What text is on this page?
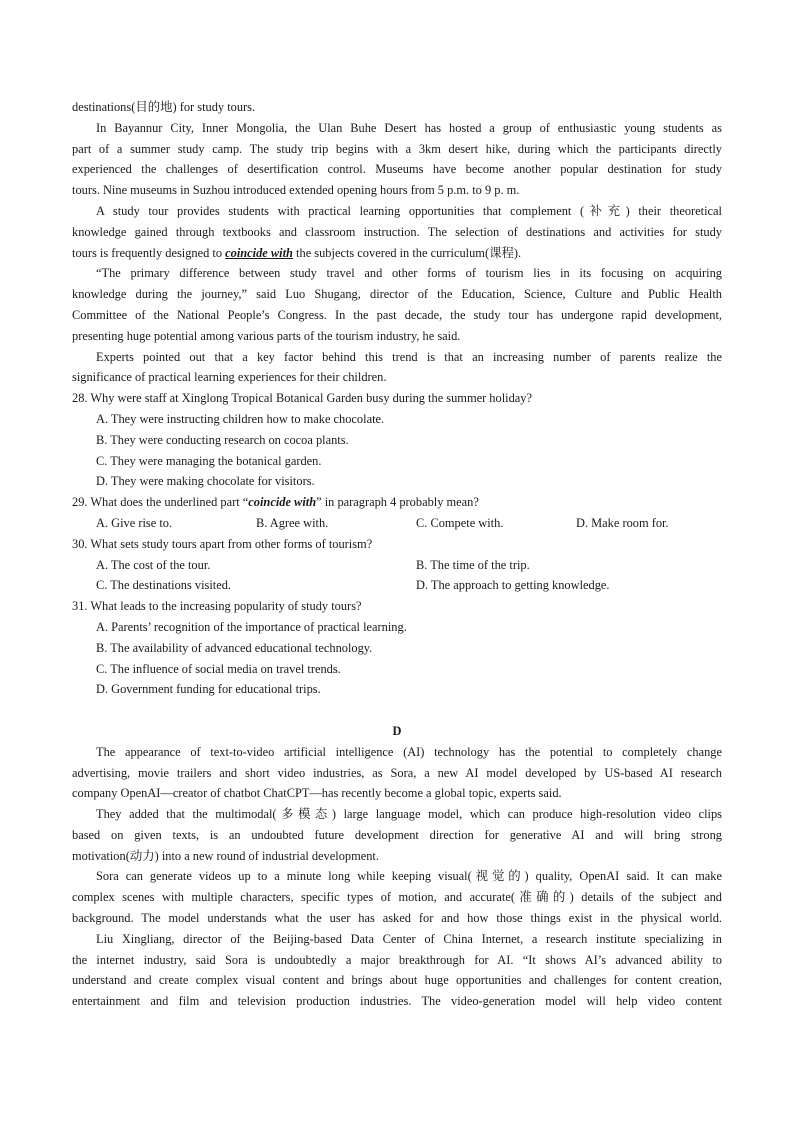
destinations(目的地) for study tours.
In Bayannur City, Inner Mongolia, the Ulan Buhe Desert has hosted a group of enthusiastic young students as
part of a summer study camp. The study trip begins with a 3km desert hike, during which the participants directly
experienced the challenges of desertification control. Museums have become another popular destination for study
tours. Nine museums in Suzhou introduced extended opening hours from 5 p.m. to 9 p. m.
A study tour provides students with practical learning opportunities that complement (补充) their theoretical
knowledge gained through textbooks and classroom instruction. The selection of destinations and activities for study
tours is frequently designed to coincide with the subjects covered in the curriculum(课程).
“The primary difference between study travel and other forms of tourism lies in its focusing on acquiring
knowledge during the journey,” said Luo Shugang, director of the Education, Science, Culture and Public Health
Committee of the National People’s Congress. In the past decade, the study tour has undergone rapid development,
presenting huge potential among various parts of the tourism industry, he said.
Experts pointed out that a key factor behind this trend is that an increasing number of parents realize the
significance of practical learning experiences for their children.
28. Why were staff at Xinglong Tropical Botanical Garden busy during the summer holiday?
A. They were instructing children how to make chocolate.
B. They were conducting research on cocoa plants.
C. They were managing the botanical garden.
D. They were making chocolate for visitors.
29. What does the underlined part “coincide with” in paragraph 4 probably mean?
A. Give rise to.	B. Agree with.	C. Compete with.	D. Make room for.
30. What sets study tours apart from other forms of tourism?
A. The cost of the tour.	B. The time of the trip.
C. The destinations visited.	D. The approach to getting knowledge.
31. What leads to the increasing popularity of study tours?
A. Parents’ recognition of the importance of practical learning.
B. The availability of advanced educational technology.
C. The influence of social media on travel trends.
D. Government funding for educational trips.
D
The appearance of text-to-video artificial intelligence (AI) technology has the potential to completely change
advertising, movie trailers and short video industries, as Sora, a new AI model developed by US-based AI research
company OpenAI—creator of chatbot ChatCPT—has recently become a global topic, experts said.
They added that the multimodal(多模态) large language model, which can produce high-resolution video clips
based on given texts, is an undoubted future development direction for generative AI and will bring strong
motivation(动力) into a new round of industrial development.
Sora can generate videos up to a minute long while keeping visual(视觉的) quality, OpenAI said. It can make
complex scenes with multiple characters, specific types of motion, and accurate(准确的) details of the subject and
background. The model understands what the user has asked for and how those things exist in the physical world.
Liu Xingliang, director of the Beijing-based Data Center of China Internet, a research institute specializing in
the internet industry, said Sora is undoubtedly a major breakthrough for AI. “It shows AI’s advanced ability to
understand and create complex visual content and brings about huge opportunities and challenges for content creation,
entertainment and film and television production industries. The video-generation model will help video content
